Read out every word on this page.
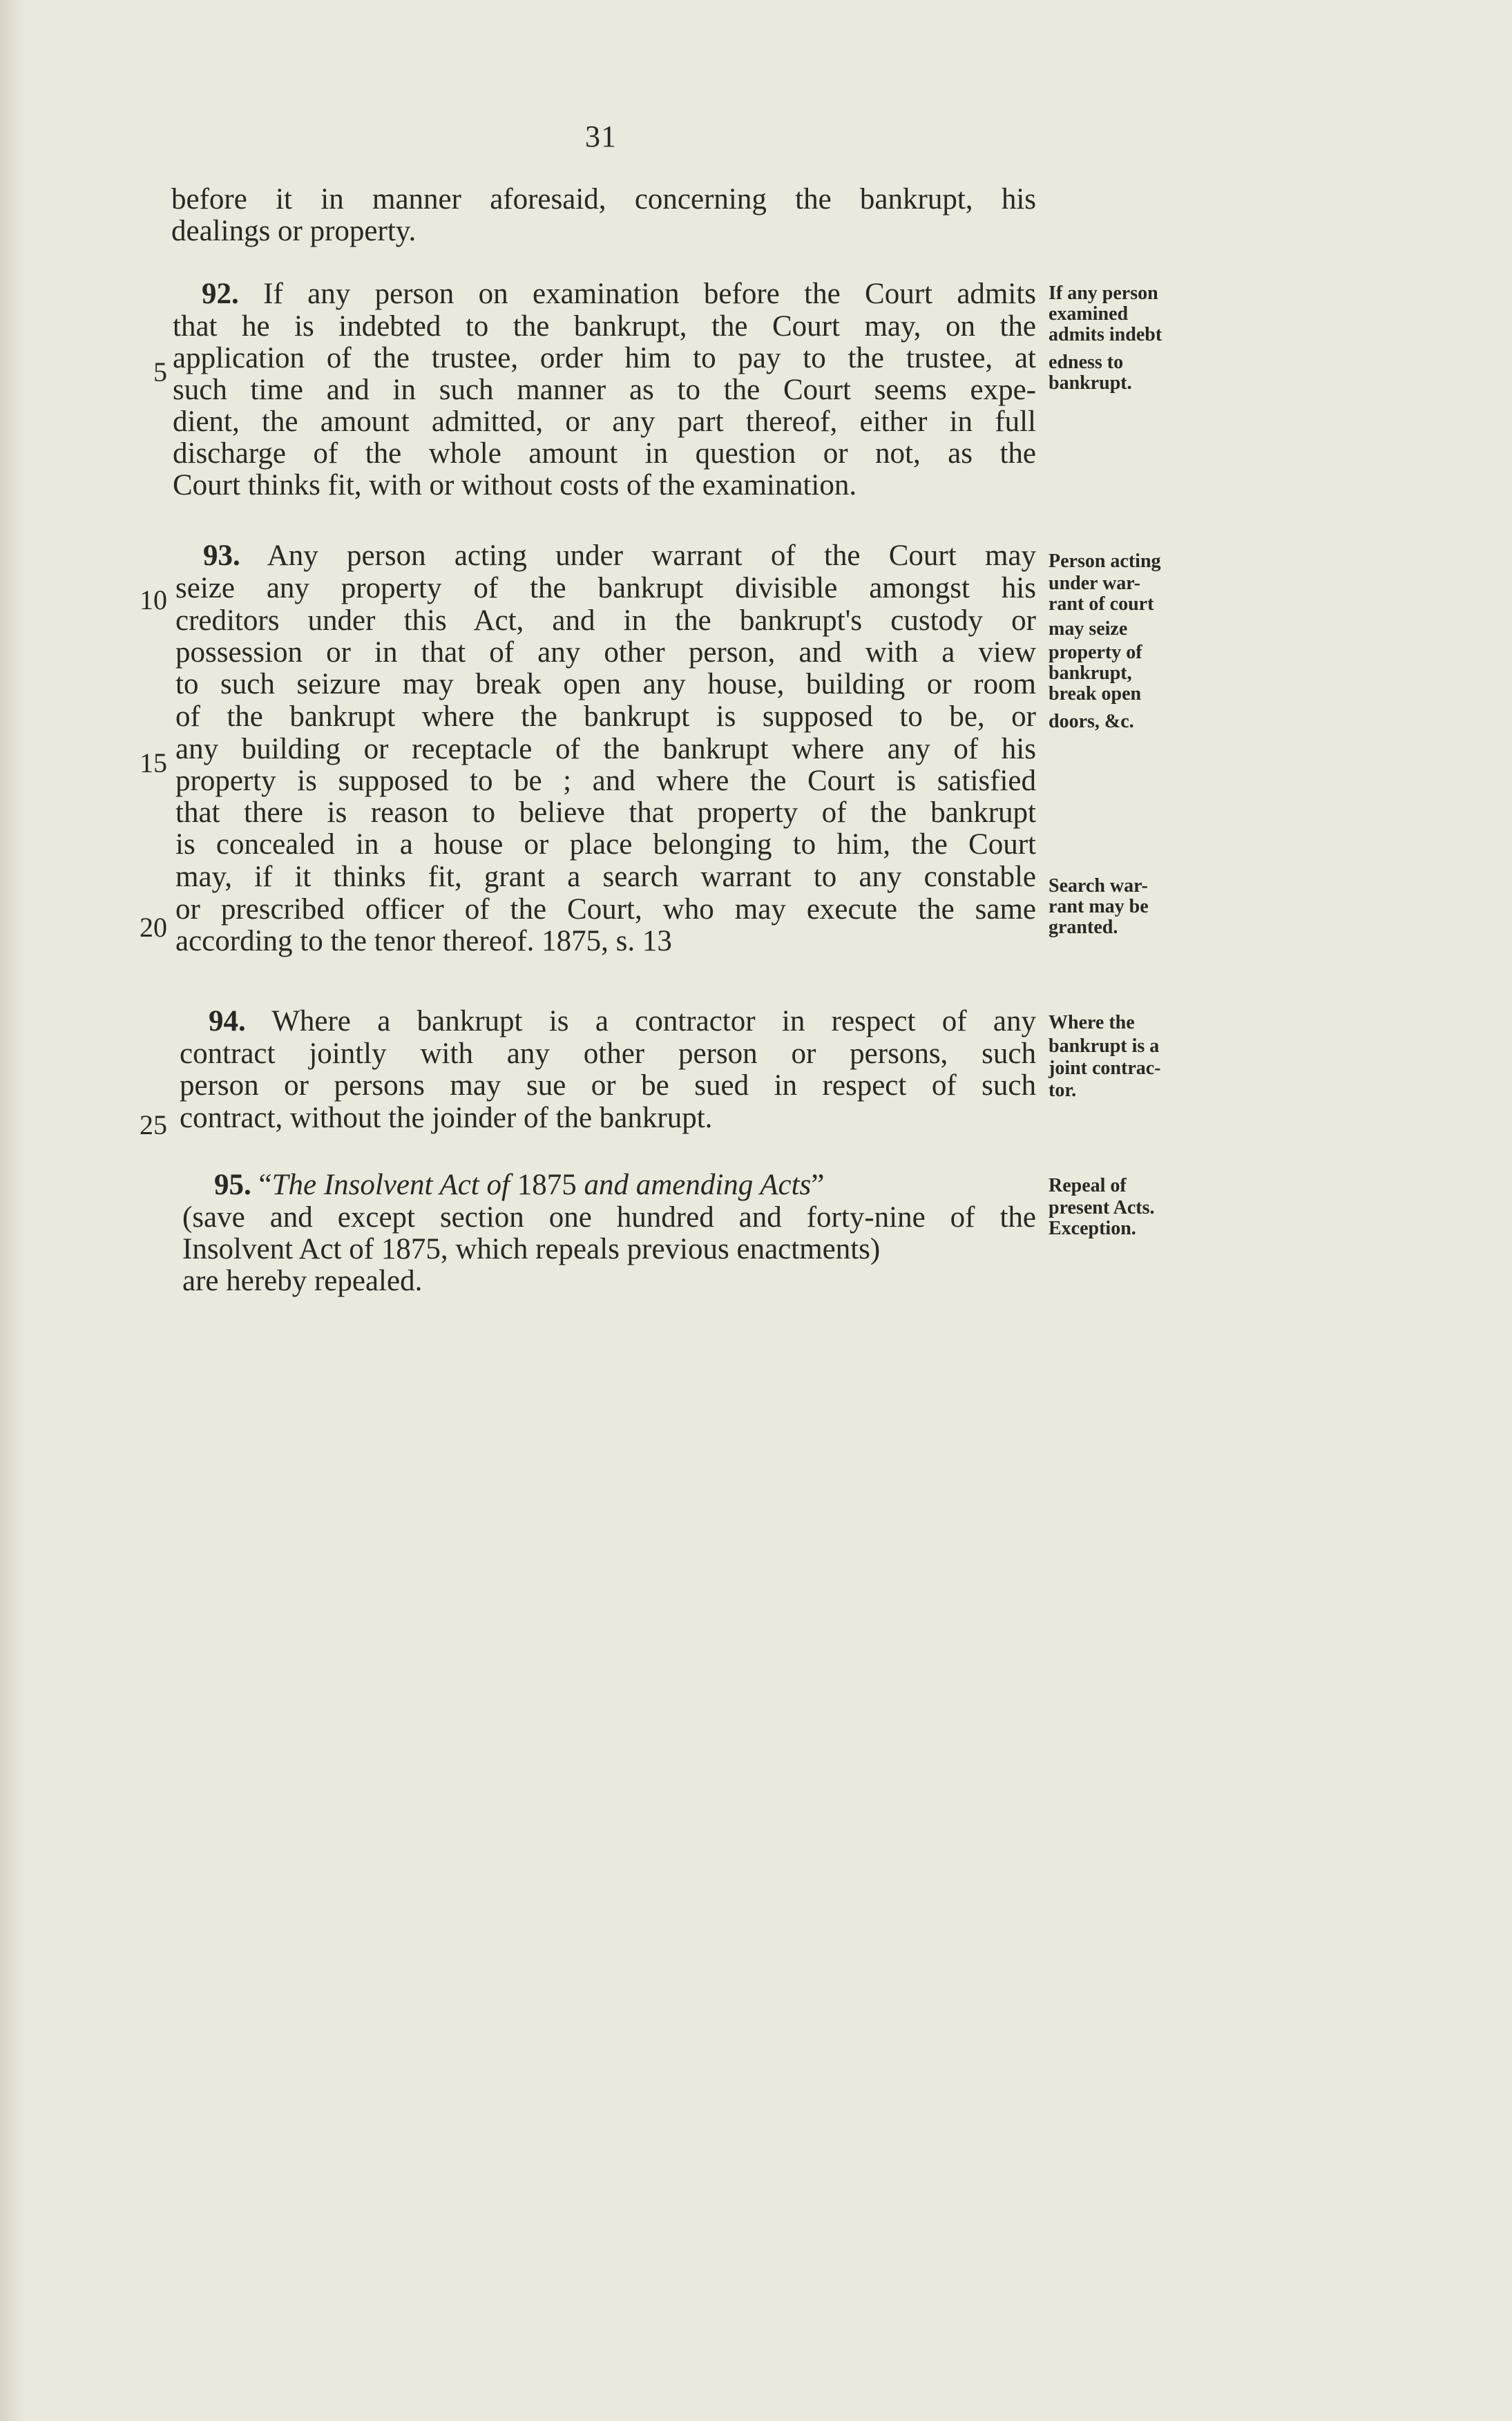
31
before it in manner aforesaid, concerning the bankrupt, his
dealings or property.
92. If any person on examination before the Court admits
that he is indebted to the bankrupt, the Court may, on the
application of the trustee, order him to pay to the trustee, at
such time and in such manner as to the Court seems expe-
dient, the amount admitted, or any part thereof, either in full
discharge of the whole amount in question or not, as the
Court thinks fit, with or without costs of the examination.
If any person
examined
admits indebt
edness to
bankrupt.
93. Any person acting under warrant of the Court may
seize any property of the bankrupt divisible amongst his
creditors under this Act, and in the bankrupt's custody or
possession or in that of any other person, and with a view
to such seizure may break open any house, building or room
of the bankrupt where the bankrupt is supposed to be, or
any building or receptacle of the bankrupt where any of his
property is supposed to be ; and where the Court is satisfied
that there is reason to believe that property of the bankrupt
is concealed in a house or place belonging to him, the Court
may, if it thinks fit, grant a search warrant to any constable
or prescribed officer of the Court, who may execute the same
according to the tenor thereof. 1875, s. 13
Person acting
under war-
rant of court
may seize
property of
bankrupt,
break open
doors, &c.
Search war-
rant may be
granted.
94. Where a bankrupt is a contractor in respect of any
contract jointly with any other person or persons, such
person or persons may sue or be sued in respect of such
contract, without the joinder of the bankrupt.
Where the
bankrupt is a
joint contrac-
tor.
95. “The Insolvent Act of 1875 and amending Acts”
(save and except section one hundred and forty-nine of the
Insolvent Act of 1875, which repeals previous enactments)
are hereby repealed.
Repeal of
present Acts.
Exception.
5
10
15
20
25
